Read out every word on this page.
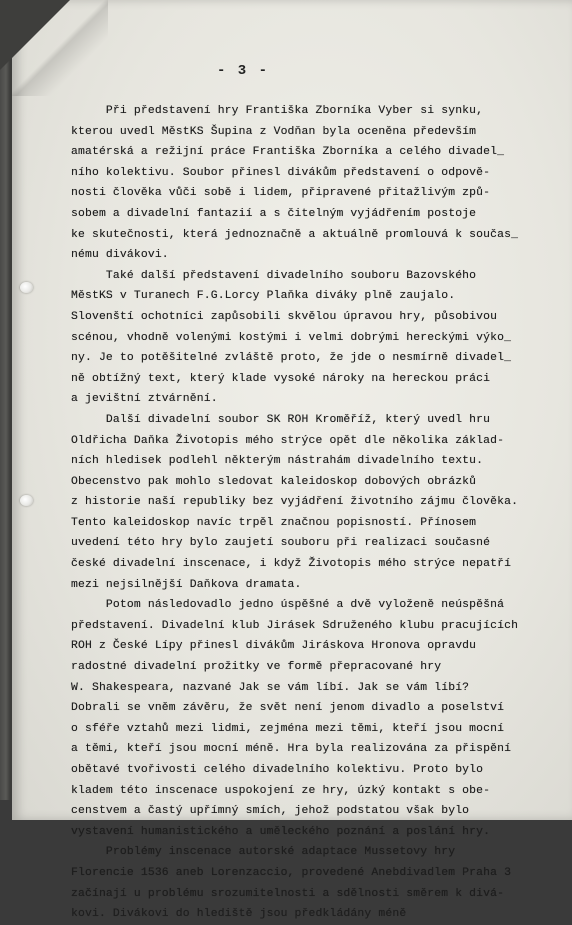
- 3 -
Při představení hry Františka Zborníka Vyber si synku,
kterou uvedl MěstKS Šupina z Vodňan byla oceněna především
amatérská a režijní práce Františka Zborníka a celého divadel_
ního kolektivu. Soubor přinesl divákům představení o odpově-
nosti člověka vůči sobě i lidem, připravené přitažlivým způ-
sobem a divadelní fantazií a s čitelným vyjádřením postoje
ke skutečnosti, která jednoznačně a aktuálně promlouvá k součas_
nému divákovi.
Také další představení divadelního souboru Bazovského
MěstKS v Turanech F.G.Lorcy Plaňka diváky plně zaujalo.
Slovenští ochotníci zapůsobili skvělou úpravou hry, působivou
scénou, vhodně volenými kostými i velmi dobrými hereckými výko_
ny. Je to potěšitelné zvláště proto, že jde o nesmírně divadel_
ně obtížný text, který klade vysoké nároky na hereckou práci
a jevištní ztvárnění.
Další divadelní soubor SK ROH Kroměříž, který uvedl hru
Oldřicha Daňka Životopis mého strýce opět dle několika základ-
ních hledisek podlehl některým nástrahám divadelního textu.
Obecenstvo pak mohlo sledovat kaleidoskop dobových obrázků
z historie naší republiky bez vyjádření životního zájmu člověka.
Tento kaleidoskop navíc trpěl značnou popisností. Přínosem
uvedení této hry bylo zaujetí souboru při realizaci současné
české divadelní inscenace, i když Životopis mého strýce nepatří
mezi nejsilnější Daňkova dramata.
Potom následovadlo jedno úspěšné a dvě vyloženě neúspěšná
představení. Divadelní klub Jirásek Sdruženého klubu pracujících
ROH z České Lípy přinesl divákům Jiráskova Hronova opravdu
radostné divadelní prožitky ve formě přepracované hry
W. Shakespeara, nazvané Jak se vám líbí. Jak se vám líbí?
Dobrali se vněm závěru, že svět není jenom divadlo a poselství
o sféře vztahů mezi lidmi, zejména mezi těmi, kteří jsou mocní
a těmi, kteří jsou mocní méně. Hra byla realizována za přispění
obětavé tvořivosti celého divadelního kolektivu. Proto bylo
kladem této inscenace uspokojení ze hry, úzký kontakt s obe-
censtvem a častý upřímný smích, jehož podstatou však bylo
vystavení humanistického a uměleckého poznání a poslání hry.
Problémy inscenace autorské adaptace Mussetovy hry
Florencie 1536 aneb Lorenzaccio, provedené Anebdivadlem Praha 3
začínají u problému srozumitelnosti a sdělnosti směrem k divá-
kovi. Divákovi do hlediště jsou předkládány méně
